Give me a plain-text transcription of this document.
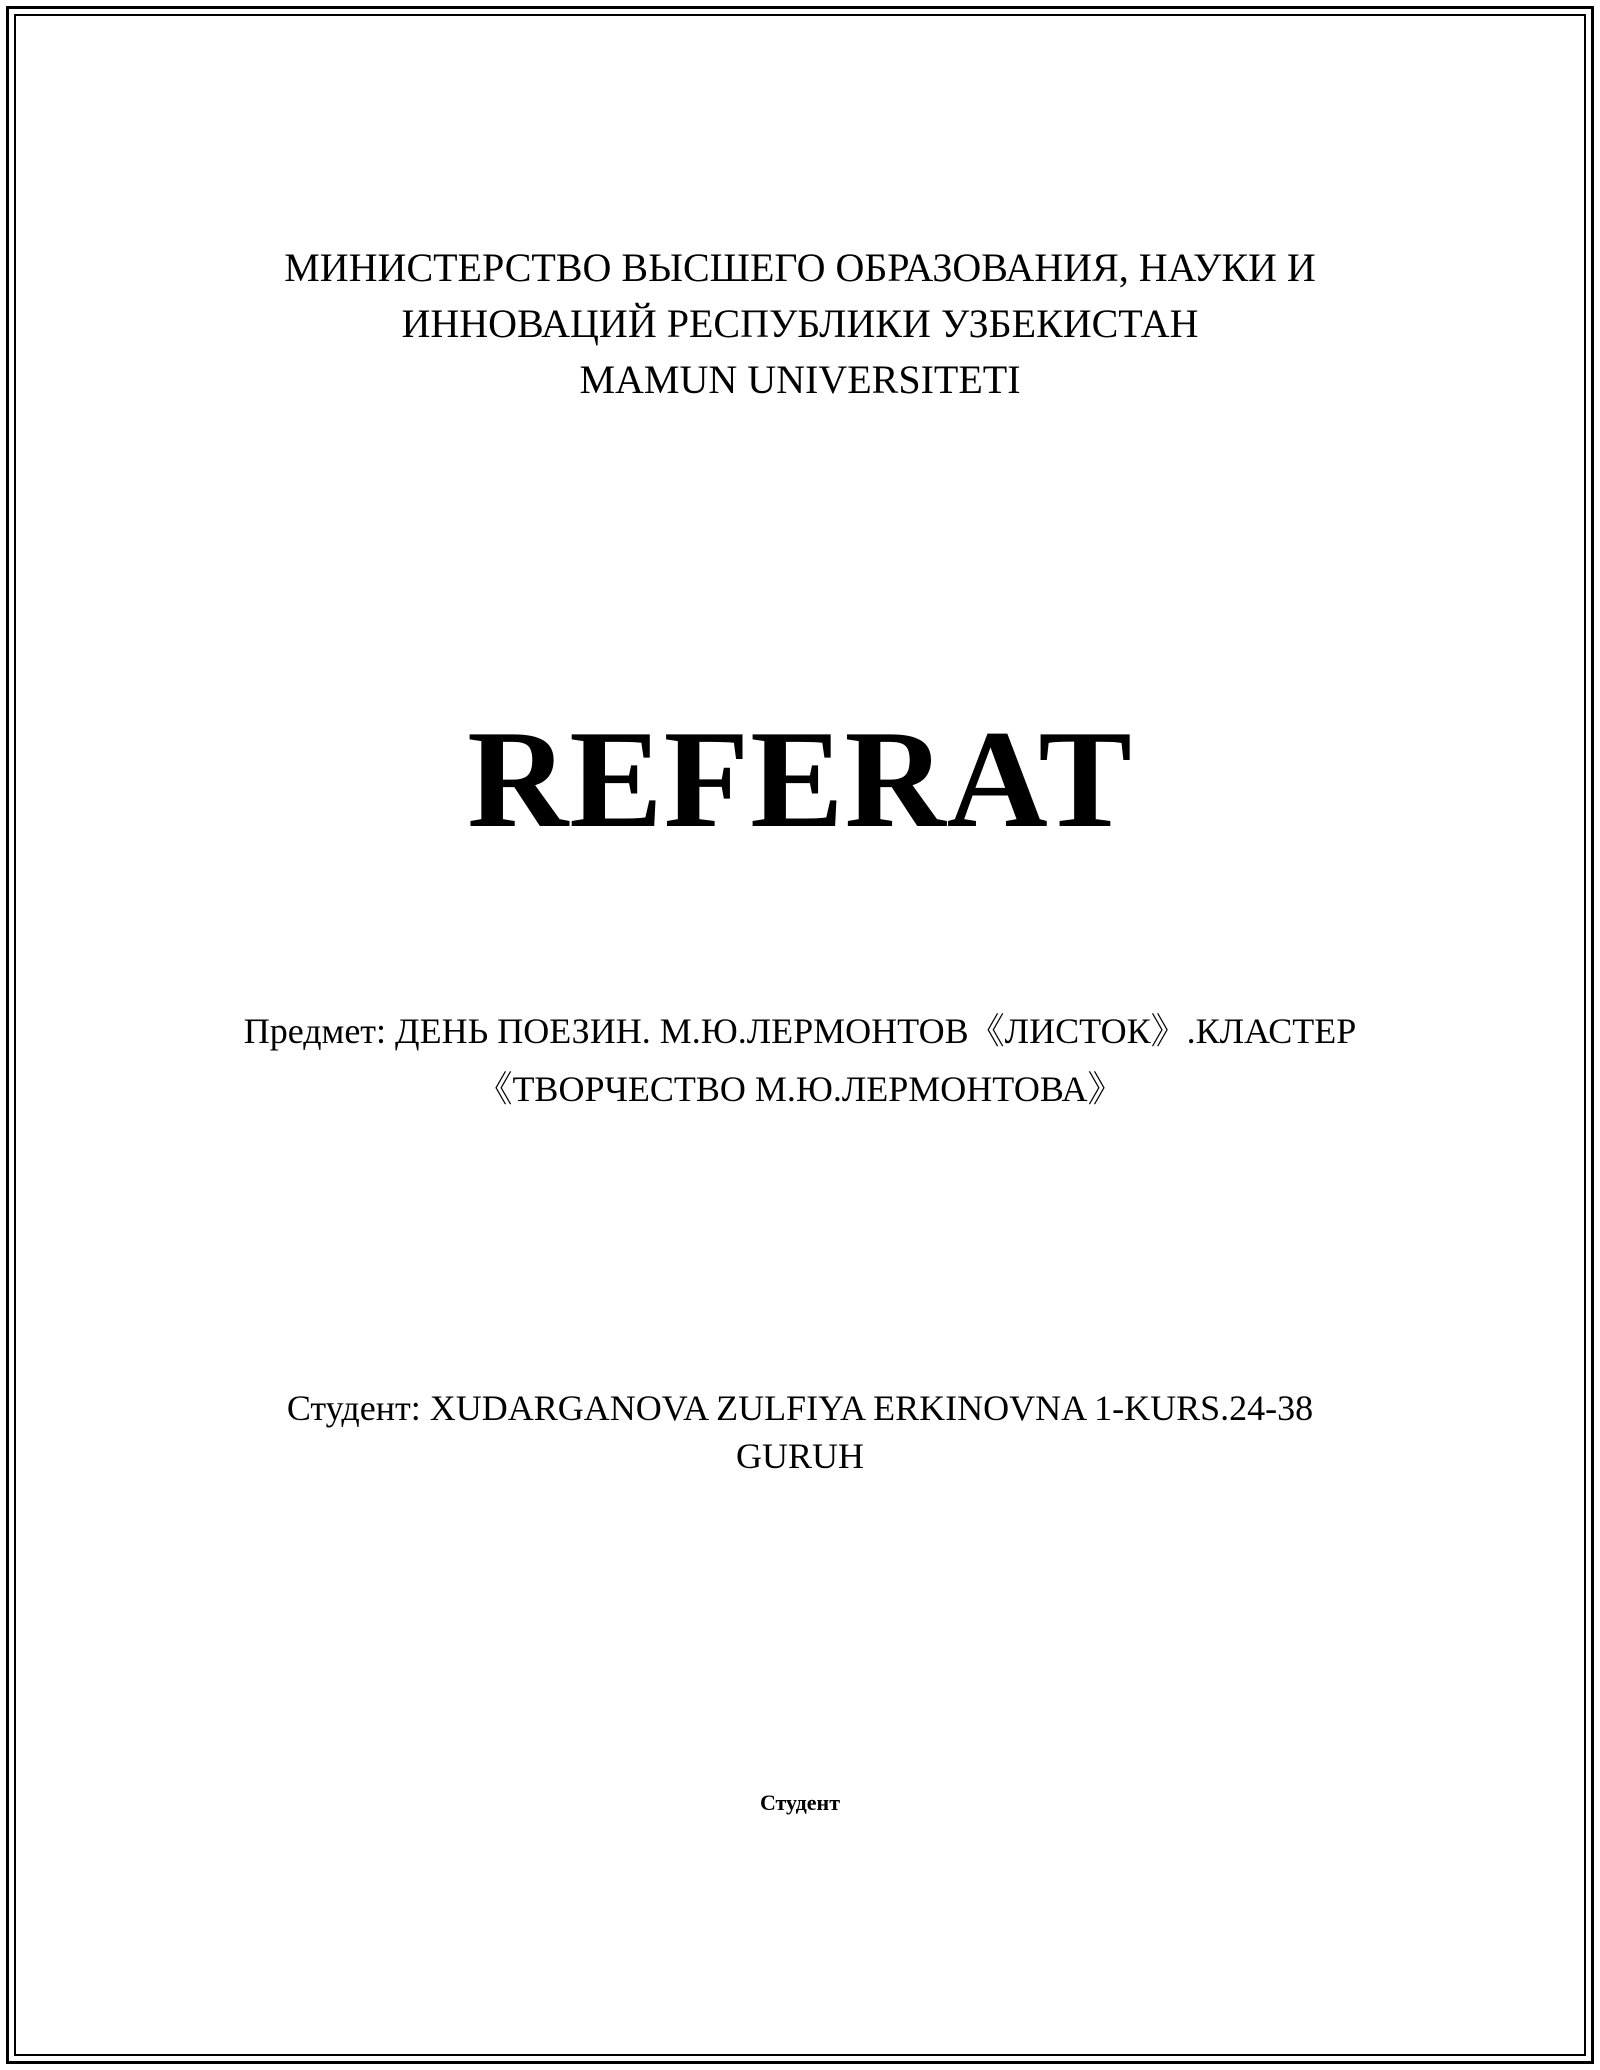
МИНИСТЕРСТВО ВЫСШЕГО ОБРАЗОВАНИЯ, НАУКИ И
ИННОВАЦИЙ РЕСПУБЛИКИ УЗБЕКИСТАН
MAMUN UNIVERSITETI
REFERAT
Предмет: ДЕНЬ ПОЕЗИН. М.Ю.ЛЕРМОНТОВ《ЛИСТОК》.КЛАСТЕР
《ТВОРЧЕСТВО М.Ю.ЛЕРМОНТОВА》
Студент: XUDARGANOVA ZULFIYA ERKINOVNA 1-KURS.24-38
GURUH
Студент
